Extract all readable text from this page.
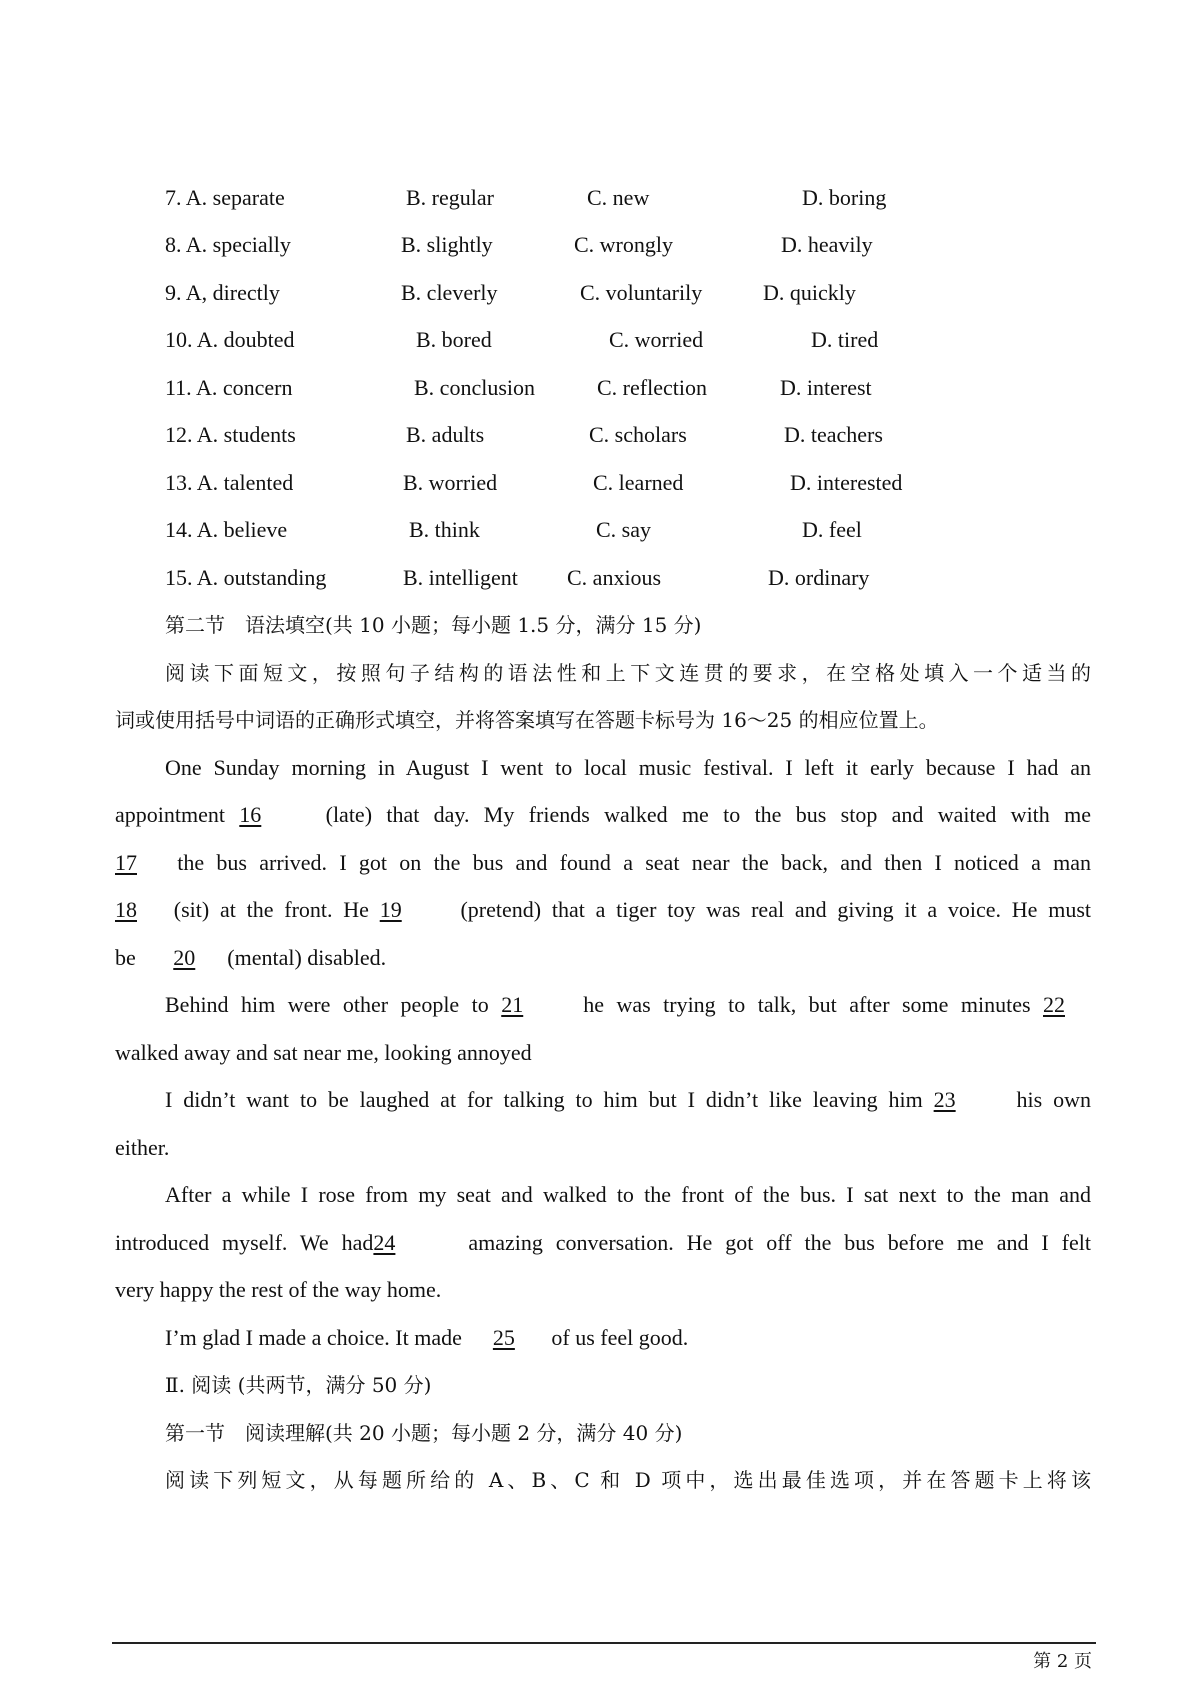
7. A. separate	B. regular	C. new	D. boring
8. A. specially	B. slightly	C. wrongly	D. heavily
9. A, directly	B. cleverly	C. voluntarily	D. quickly
10. A. doubted	B. bored	C. worried	D. tired
11. A. concern	B. conclusion	C. reflection	D. interest
12. A. students	B. adults	C. scholars	D. teachers
13. A. talented	B. worried	C. learned	D. interested
14. A. believe	B. think	C. say	D. feel
15. A. outstanding	B. intelligent C. anxious	D. ordinary
第二节　语法填空(共 10 小题；每小题 1.5 分，满分 15 分)
阅读下面短文，按照句子结构的语法性和上下文连贯的要求，在空格处填入一个适当的
词或使用括号中词语的正确形式填空，并将答案填写在答题卡标号为 16～25 的相应位置上。
One Sunday morning in August I went to local music festival. I left it early because I had an
appointment 16 (late) that day. My friends walked me to the bus stop and waited with me
17 the bus arrived. I got on the bus and found a seat near the back, and then I noticed a man
18 (sit) at the front. He 19 (pretend) that a tiger toy was real and giving it a voice. He must
be 20 (mental) disabled.
Behind him were other people to 21	he was trying to talk, but after some minutes 22
walked away and sat near me, looking annoyed
I didn’t want to be laughed at for talking to him but I didn’t like leaving him 23 his own
either.
After a while I rose from my seat and walked to the front of the bus. I sat next to the man and
introduced myself. We had24	amazing conversation. He got off the bus before me and I felt
very happy the rest of the way home.
I’m glad I made a choice. It made 25 of us feel good.
Ⅱ. 阅读 (共两节，满分 50 分)
第一节　阅读理解(共 20 小题；每小题 2 分，满分 40 分)
阅读下列短文，从每题所给的 A、B、C 和 D 项中，选出最佳选项，并在答题卡上将该
第 2 页
